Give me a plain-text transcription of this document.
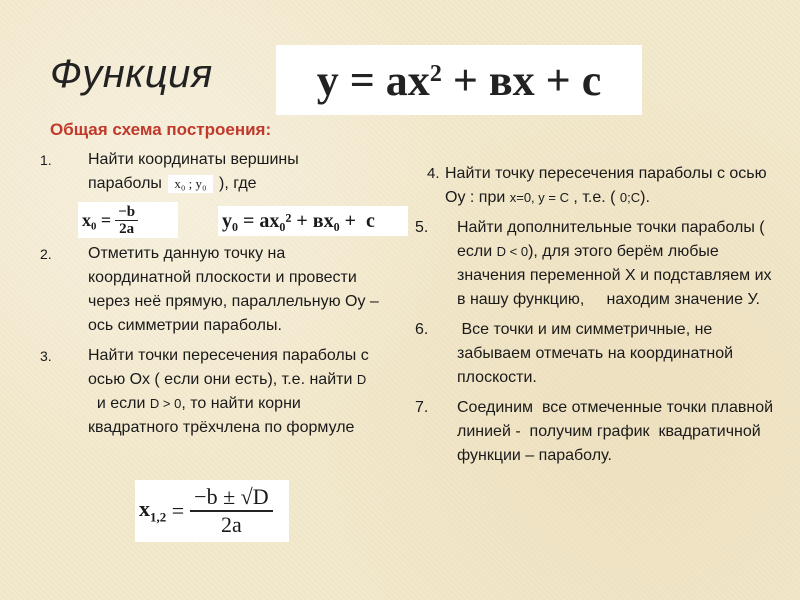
Функция $y = ax^2$ + вх + с
Общая схема построения:
1. Найти координаты вершины
параболы x₀ ; y₀ ), где
$x_0 = \frac{-b}{2a}$	y₀ =
ax₀² + вx₀ +  c
2. Отметить данную точку на координатной плоскости и провести через неё прямую, параллельную Оу – ось симметрии параболы.
3. Найти точки пересечения параболы с осью Ох ( если они есть), т.е. найти D  и если D > 0, то найти корни квадратного трёхчлена по формуле
$x_{1,2} = \frac{-b \pm √D}{2a}$
4. Найти точку пересечения параболы с осью Оу : при x=0, y = C , т.е. ( 0;C).
5. Найти дополнительные точки параболы ( если D < 0), для этого берём любые значения переменной Х и подставляем их в нашу функцию,     находим значение У.
6. Все точки и им симметричные, не забываем отмечать на координатной плоскости.
7. Соединим  все отмеченные точки плавной линией -  получим график  квадратичной функции – параболу.
